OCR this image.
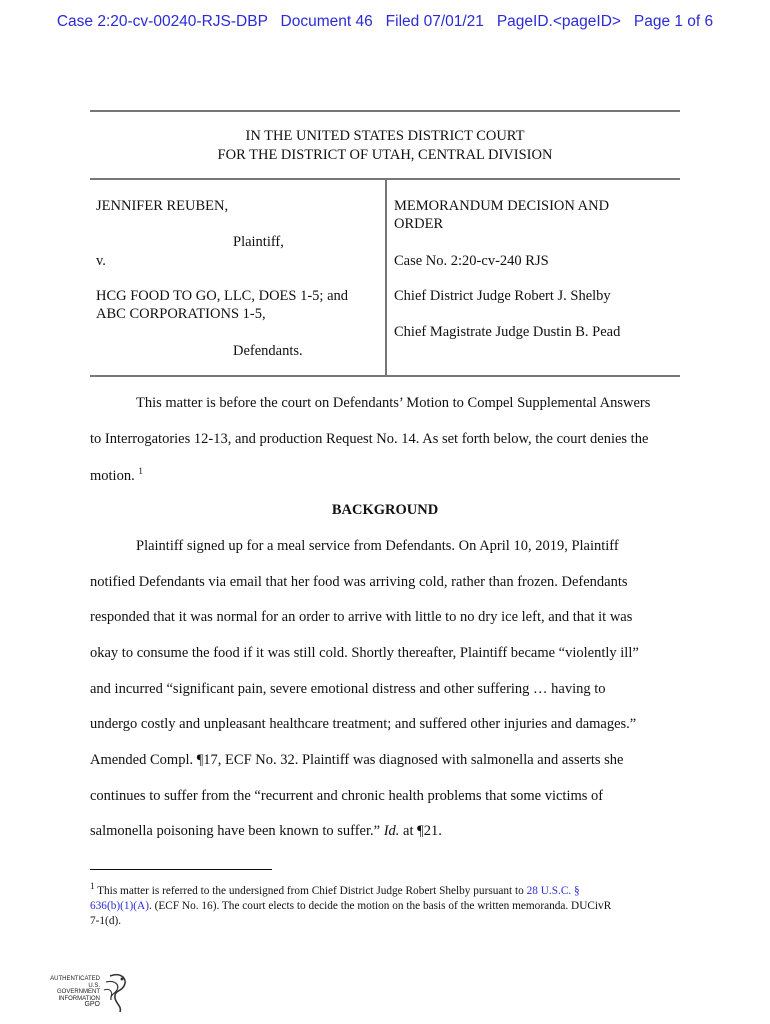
Case 2:20-cv-00240-RJS-DBP Document 46 Filed 07/01/21 PageID.<pageID> Page 1 of 6
IN THE UNITED STATES DISTRICT COURT
FOR THE DISTRICT OF UTAH, CENTRAL DIVISION
JENNIFER REUBEN,
Plaintiff,
v.
HCG FOOD TO GO, LLC, DOES 1-5; and
ABC CORPORATIONS 1-5,
Defendants.
MEMORANDUM DECISION AND
ORDER
Case No. 2:20-cv-240 RJS
Chief District Judge Robert J. Shelby
Chief Magistrate Judge Dustin B. Pead
This matter is before the court on Defendants’ Motion to Compel Supplemental Answers
to Interrogatories 12-13, and production Request No. 14. As set forth below, the court denies the
motion. $^1$
BACKGROUND
Plaintiff signed up for a meal service from Defendants. On April 10, 2019, Plaintiff
notified Defendants via email that her food was arriving cold, rather than frozen. Defendants
responded that it was normal for an order to arrive with little to no dry ice left, and that it was
okay to consume the food if it was still cold. Shortly thereafter, Plaintiff became “violently ill”
and incurred “significant pain, severe emotional distress and other suffering … having to
undergo costly and unpleasant healthcare treatment; and suffered other injuries and damages.”
Amended Compl. ¶17, ECF No. 32. Plaintiff was diagnosed with salmonella and asserts she
continues to suffer from the “recurrent and chronic health problems that some victims of
salmonella poisoning have been known to suffer.” Id. at ¶21.
$^1$ This matter is referred to the undersigned from Chief District Judge Robert Shelby pursuant to 28 U.S.C. §
636(b)(1)(A). (ECF No. 16). The court elects to decide the motion on the basis of the written memoranda. DUCivR
7-1(d).
AUTHENTICATED
U.S. GOVERNMENT
INFORMATION
GPO
